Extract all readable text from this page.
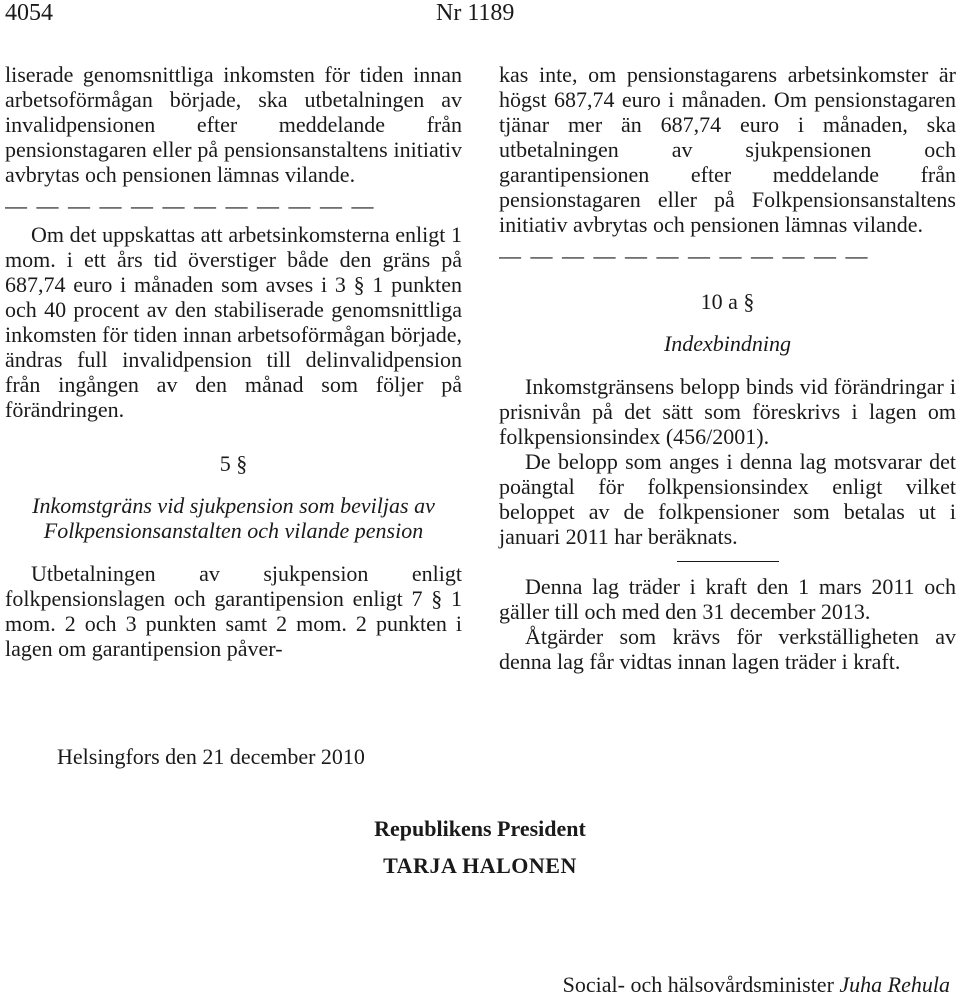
4054	Nr 1189

liserade genomsnittliga inkomsten för tiden innan arbetsoförmågan började, ska utbetalningen av invalidpensionen efter meddelande från pensionstagaren eller på pensionsanstaltens initiativ avbrytas och pensionen lämnas vilande.

— — — — — — — — — — — —

Om det uppskattas att arbetsinkomsterna enligt 1 mom. i ett års tid överstiger både den gräns på 687,74 euro i månaden som avses i 3 § 1 punkten och 40 procent av den stabiliserade genomsnittliga inkomsten för tiden innan arbetsoförmågan började, ändras full invalidpension till delinvalidpension från ingången av den månad som följer på förändringen.

5 §

Inkomstgräns vid sjukpension som beviljas av Folkpensionsanstalten och vilande pension

Utbetalningen av sjukpension enligt folkpensionslagen och garantipension enligt 7 § 1 mom. 2 och 3 punkten samt 2 mom. 2 punkten i lagen om garantipension påver-

kas inte, om pensionstagarens arbetsinkomster är högst 687,74 euro i månaden. Om pensionstagaren tjänar mer än 687,74 euro i månaden, ska utbetalningen av sjukpensionen och garantipensionen efter meddelande från pensionstagaren eller på Folkpensionsanstaltens initiativ avbrytas och pensionen lämnas vilande.

— — — — — — — — — — — —

10 a §

Indexbindning

Inkomstgränsens belopp binds vid förändringar i prisnivån på det sätt som föreskrivs i lagen om folkpensionsindex (456/2001).

De belopp som anges i denna lag motsvarar det poängtal för folkpensionsindex enligt vilket beloppet av de folkpensioner som betalas ut i januari 2011 har beräknats.

Denna lag träder i kraft den 1 mars 2011 och gäller till och med den 31 december 2013.

Åtgärder som krävs för verkställigheten av denna lag får vidtas innan lagen träder i kraft.

Helsingfors den 21 december 2010
Republikens President
TARJA HALONEN
Social- och hälsovårdsminister Juha Rehula
